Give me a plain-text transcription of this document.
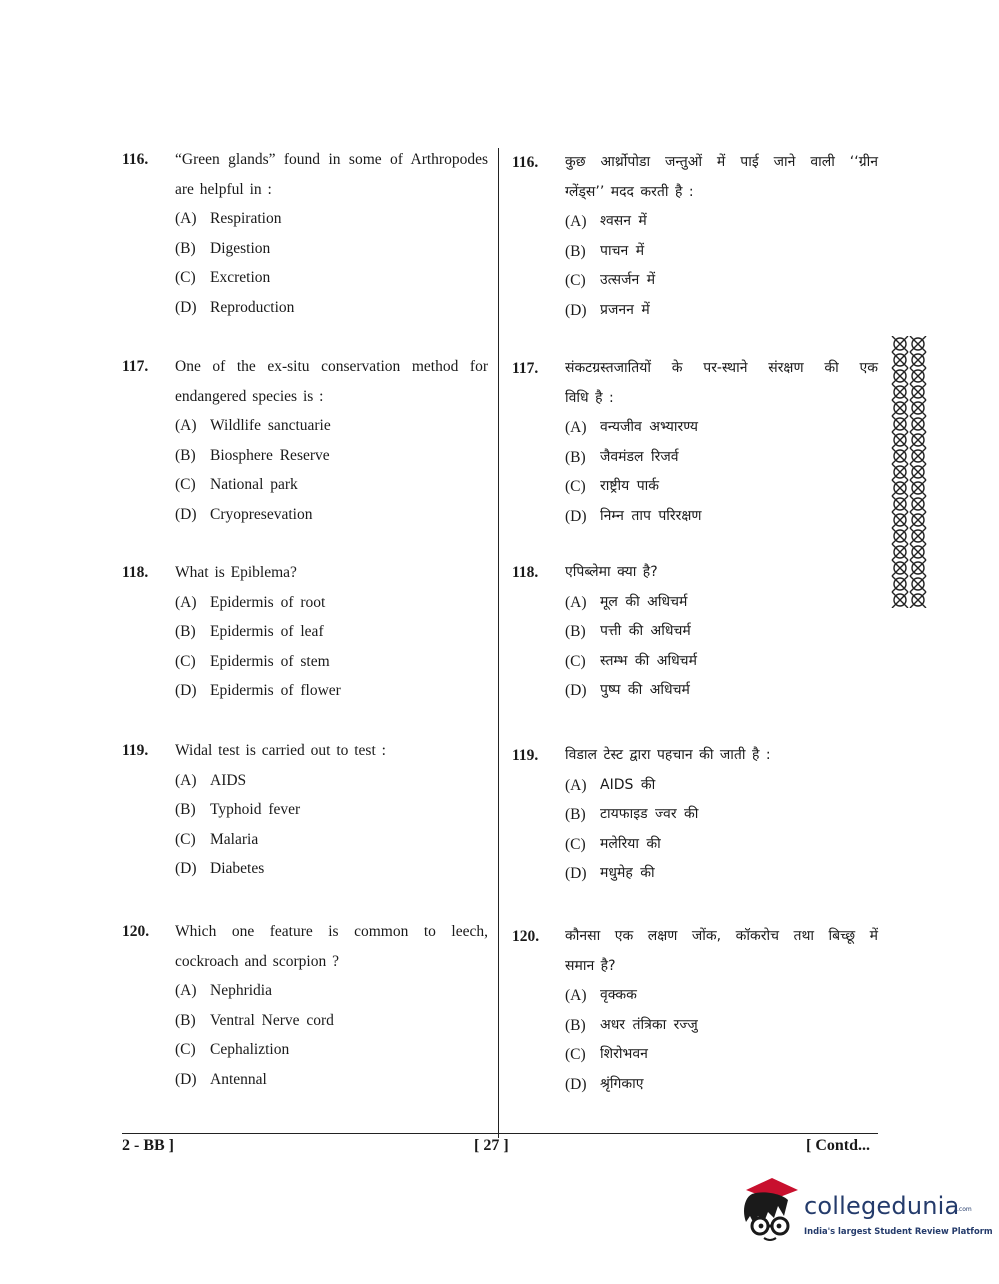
116.	“Green glands” found in some of Arthropodes
are helpful in :
(A) Respiration
(B) Digestion
(C) Excretion
(D) Reproduction
117.	One of the ex-situ conservation method for
endangered species is :
(A) Wildlife sanctuarie
(B) Biosphere Reserve
(C) National park
(D) Cryopresevation
118.	What is Epiblema?
(A) Epidermis of root
(B) Epidermis of leaf
(C) Epidermis of stem
(D) Epidermis of flower
119.	Widal test is carried out to test :
(A) AIDS
(B) Typhoid fever
(C) Malaria
(D) Diabetes
120.	Which one feature is common to leech,
cockroach and scorpion ?
(A) Nephridia
(B) Ventral Nerve cord
(C) Cephaliztion
(D) Antennal
116.	कुछ आर्थ्रोपोडा जन्तुओं में पाई जाने वाली ‘‘ग्रीन
ग्लेंड्स’’ मदद करती है :
(A) श्वसन में
(B)	पाचन में
(C)	उत्सर्जन में
(D) प्रजनन में
117.	संकटग्रस्तजातियों के पर-स्थाने संरक्षण की एक
विधि है :
(A) वन्यजीव अभ्यारण्य
(B)	जैवमंडल रिजर्व
(C)	राष्ट्रीय पार्क
(D) निम्न ताप परिरक्षण
118.	एपिब्लेमा क्या है?
(A) मूल की अधिचर्म
(B)	पत्ती की अधिचर्म
(C)	स्तम्भ की अधिचर्म
(D) पुष्प की अधिचर्म
119.	विडाल टेस्ट द्वारा पहचान की जाती है :
(A) AIDS की
(B)	टायफाइड ज्वर की
(C)	मलेरिया की
(D) मधुमेह की
120.	कौनसा एक लक्षण जोंक, कॉकरोच तथा बिच्छू में
समान है?
(A) वृक्कक
(B)	अधर तंत्रिका रज्जु
(C)	शिरोभवन
(D) श्रृंगिकाए
2 - BB ]	[ 27 ]	[ Contd...
collegedunia
.com
India's largest Student Review Platform
